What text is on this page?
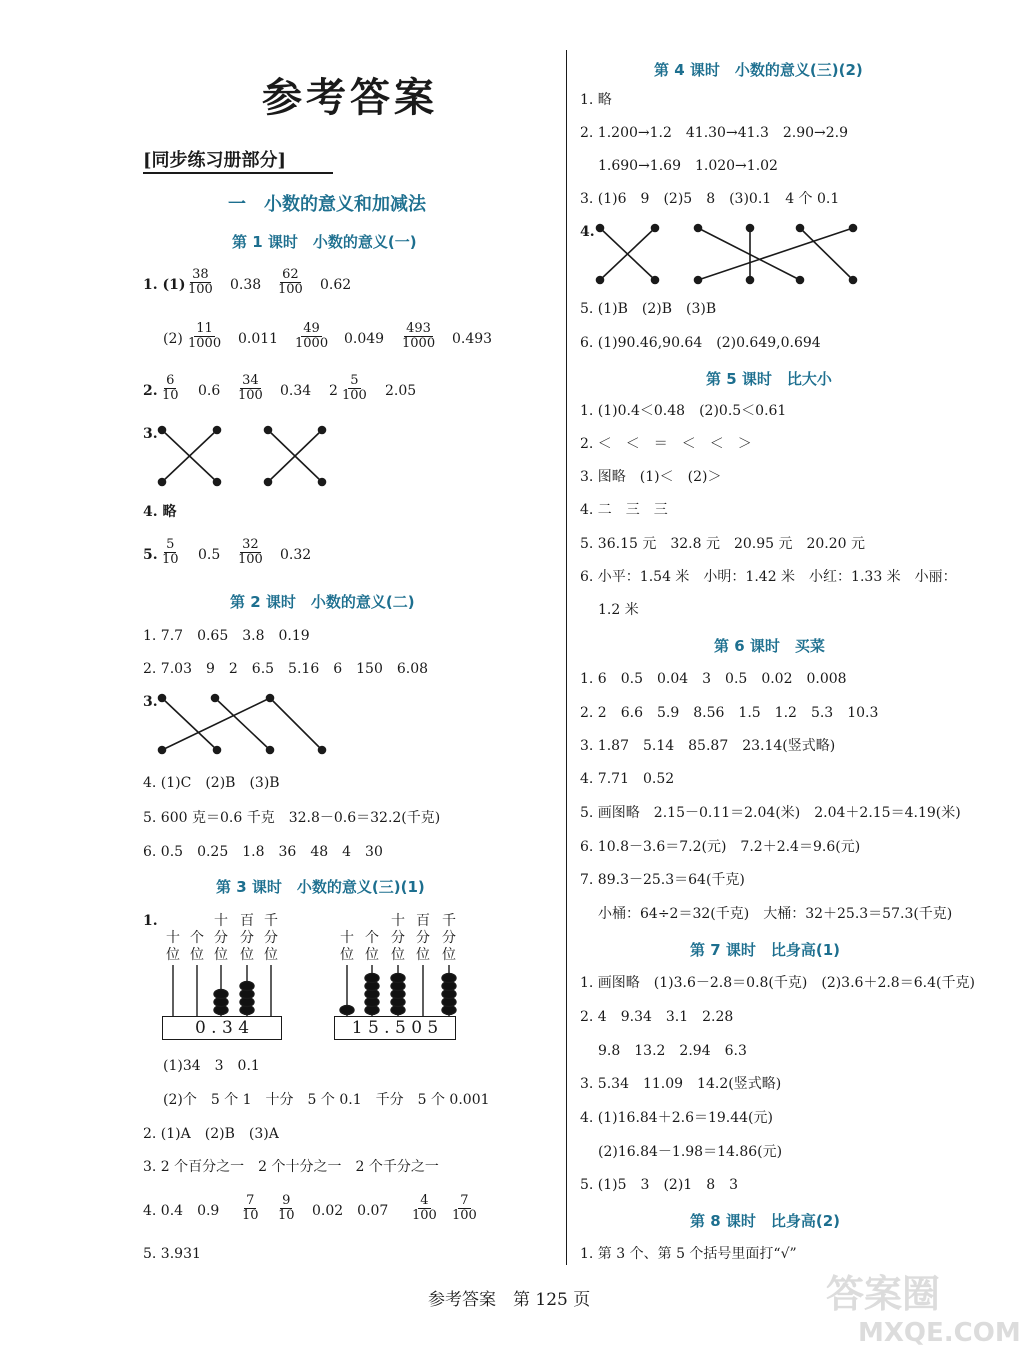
参考答案
[同步练习册部分]
一　小数的意义和加减法
第 1 课时　小数的意义(一)
1. (1)
38
100 0.38
62
100 0.62
(2)
11
1000 0.011
49
1000 0.049
493
1000 0.493
2.
6
10 0.6
34
100 0.34 2
5
100 2.05
3.
4. 略
5.
5
10 0.5
32
100 0.32
第 2 课时　小数的意义(二)
1. 7.7　0.65　3.8　0.19
2. 7.03　9　2　6.5　5.16　6　150　6.08
3.
4. (1)C　(2)B　(3)B
5. 600 克＝0.6 千克　32.8－0.6＝32.2(千克)
6. 0.5　0.25　1.8　36　48　4　30
第 3 课时　小数的意义(三)(1)
1.
十位
个位
十分位
百分位
千分位
0 . 3 4
十位
个位
十分位
百分位
千分位
1 5 . 5 0 5
(1)34　3　0.1
(2)个　5 个 1　十分　5 个 0.1　千分　5 个 0.001
2. (1)A　(2)B　(3)A
3. 2 个百分之一　2 个十分之一　2 个千分之一
4. 0.4　0.9
7
10
9
10 0.02　0.07
4
100
7
100
5. 3.931
第 4 课时　小数的意义(三)(2)
1. 略
2. 1.200→1.2　41.30→41.3　2.90→2.9
1.690→1.69　1.020→1.02
3. (1)6　9　(2)5　8　(3)0.1　4 个 0.1
4.
5. (1)B　(2)B　(3)B
6. (1)90.46,90.64　(2)0.649,0.694
第 5 课时　比大小
1. (1)0.4＜0.48　(2)0.5＜0.61
2. ＜　＜　＝　＜　＜　＞
3. 图略　(1)＜　(2)＞
4. 二　三　三
5. 36.15 元　32.8 元　20.95 元　20.20 元
6. 小平：1.54 米　小明：1.42 米　小红：1.33 米　小丽：
1.2 米
第 6 课时　买菜
1. 6　0.5　0.04　3　0.5　0.02　0.008
2. 2　6.6　5.9　8.56　1.5　1.2　5.3　10.3
3. 1.87　5.14　85.87　23.14(竖式略)
4. 7.71　0.52
5. 画图略　2.15－0.11＝2.04(米)　2.04＋2.15＝4.19(米)
6. 10.8－3.6＝7.2(元)　7.2＋2.4＝9.6(元)
7. 89.3－25.3＝64(千克)
小桶：64÷2＝32(千克)　大桶：32＋25.3＝57.3(千克)
第 7 课时　比身高(1)
1. 画图略　(1)3.6－2.8＝0.8(千克)　(2)3.6＋2.8＝6.4(千克)
2. 4　9.34　3.1　2.28
9.8　13.2　2.94　6.3
3. 5.34　11.09　14.2(竖式略)
4. (1)16.84＋2.6＝19.44(元)
(2)16.84－1.98＝14.86(元)
5. (1)5　3　(2)1　8　3
第 8 课时　比身高(2)
1. 第 3 个、第 5 个括号里面打“√”
参考答案　第 125 页	答案圈
MXQE.COM
